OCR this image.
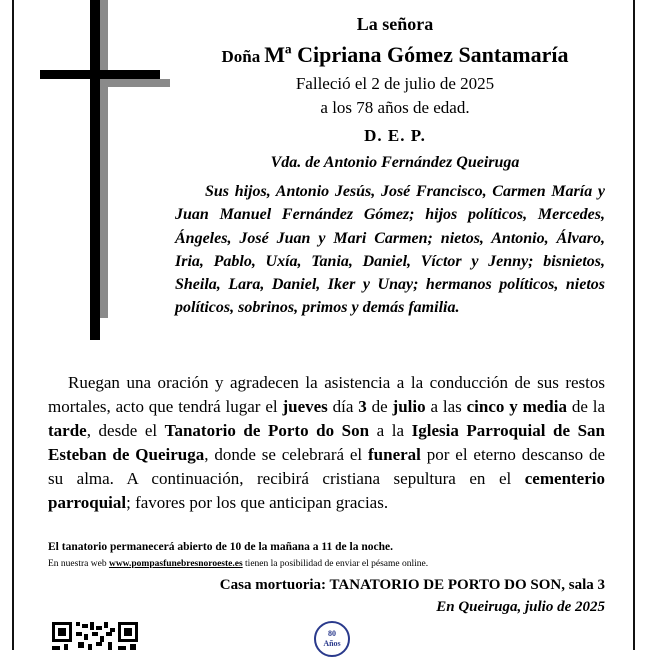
La señora
Doña Mª Cipriana Gómez Santamaría
Falleció el 2 de julio de 2025
a los 78 años de edad.
D. E. P.
Vda. de Antonio Fernández Queiruga
Sus hijos, Antonio Jesús, José Francisco, Carmen María y Juan Manuel Fernández Gómez; hijos políticos, Mercedes, Ángeles, José Juan y Mari Carmen; nietos, Antonio, Álvaro, Iria, Pablo, Uxía, Tania, Daniel, Víctor y Jenny; bisnietos, Sheila, Lara, Daniel, Iker y Unay; hermanos políticos, nietos políticos, sobrinos, primos y demás familia.
Ruegan una oración y agradecen la asistencia a la conducción de sus restos mortales, acto que tendrá lugar el jueves día 3 de julio a las cinco y media de la tarde, desde el Tanatorio de Porto do Son a la Iglesia Parroquial de San Esteban de Queiruga, donde se celebrará el funeral por el eterno descanso de su alma. A continuación, recibirá cristiana sepultura en el cementerio parroquial; favores por los que anticipan gracias.
El tanatorio permanecerá abierto de 10 de la mañana a 11 de la noche.
En nuestra web www.pompasfunebresnoroeste.es tienen la posibilidad de enviar el pésame online.
Casa mortuoria: TANATORIO DE PORTO DO SON, sala 3
En Queiruga, julio de 2025
80
Años
